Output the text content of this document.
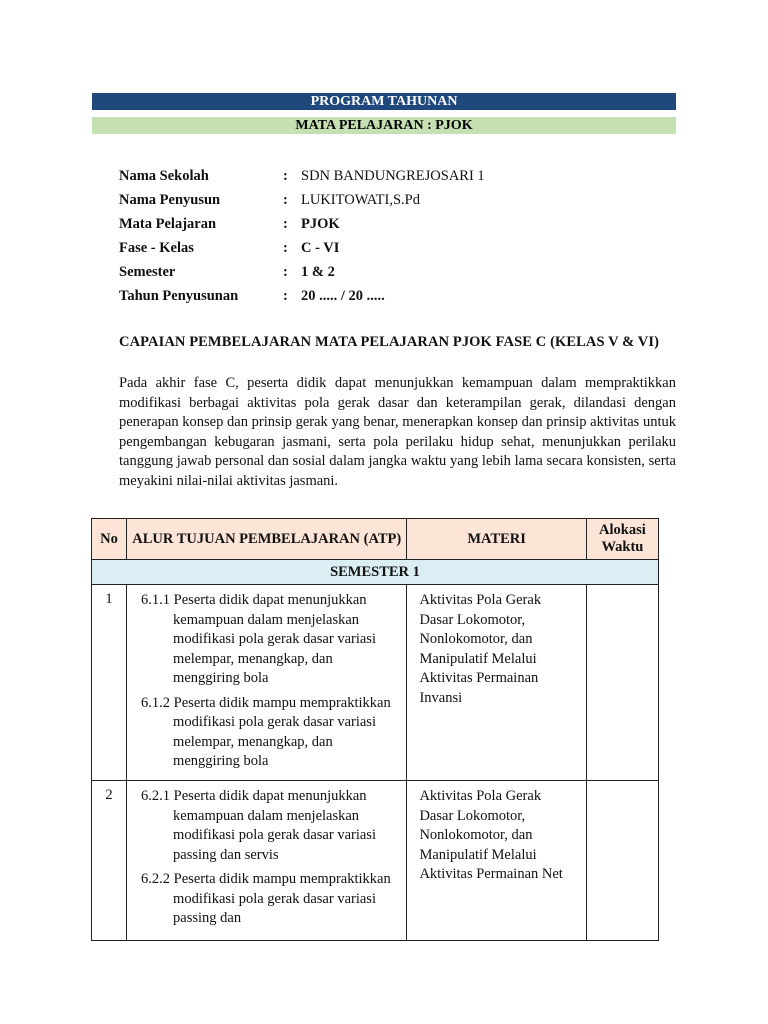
PROGRAM TAHUNAN
MATA PELAJARAN : PJOK
Nama Sekolah	: SDN BANDUNGREJOSARI 1
Nama Penyusun	: LUKITOWATI,S.Pd
Mata Pelajaran	: PJOK
Fase - Kelas	: C - VI
Semester	: 1 & 2
Tahun Penyusunan	: 20 ..... / 20 .....
CAPAIAN PEMBELAJARAN MATA PELAJARAN PJOK FASE C (KELAS V & VI)
Pada akhir fase C, peserta didik dapat menunjukkan kemampuan dalam mempraktikkan modifikasi berbagai aktivitas pola gerak dasar dan keterampilan gerak, dilandasi dengan penerapan konsep dan prinsip gerak yang benar, menerapkan konsep dan prinsip aktivitas untuk pengembangan kebugaran jasmani, serta pola perilaku hidup sehat, menunjukkan perilaku tanggung jawab personal dan sosial dalam jangka waktu yang lebih lama secara konsisten, serta meyakini nilai-nilai aktivitas jasmani.
No	ALUR TUJUAN PEMBELAJARAN (ATP)	MATERI	Alokasi Waktu
SEMESTER 1			
1	6.1.1 Peserta didik dapat menunjukkan kemampuan dalam menjelaskan modifikasi pola gerak dasar variasi melempar, menangkap, dan menggiring bola

6.1.2 Peserta didik mampu mempraktikkan modifikasi pola gerak dasar variasi melempar, menangkap, dan menggiring bola	Aktivitas Pola Gerak Dasar Lokomotor, Nonlokomotor, dan Manipulatif Melalui Aktivitas Permainan Invansi	
2	6.2.1 Peserta didik dapat menunjukkan kemampuan dalam menjelaskan modifikasi pola gerak dasar variasi passing dan servis

6.2.2 Peserta didik mampu mempraktikkan modifikasi pola gerak dasar variasi passing dan	Aktivitas Pola Gerak Dasar Lokomotor, Nonlokomotor, dan Manipulatif Melalui Aktivitas Permainan Net	
